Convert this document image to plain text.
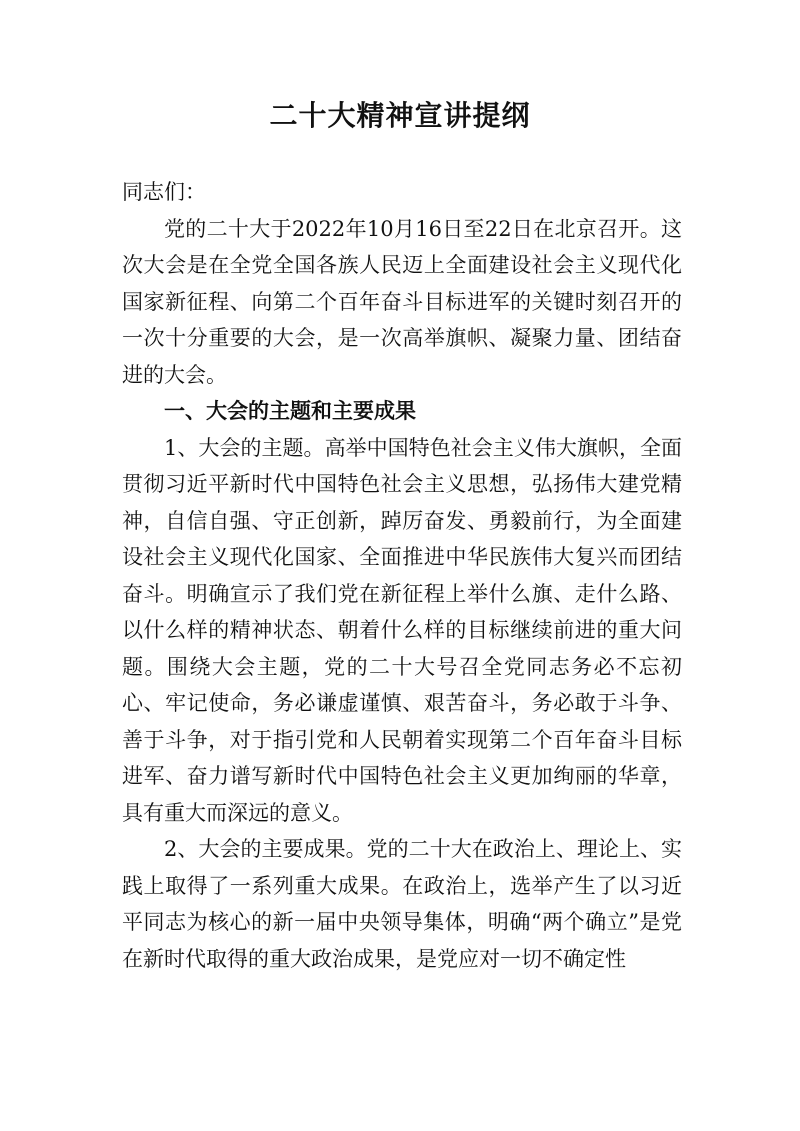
二十大精神宣讲提纲

同志们：

党的二十大于2022年10月16日至22日在北京召开。这次大会是在全党全国各族人民迈上全面建设社会主义现代化国家新征程、向第二个百年奋斗目标进军的关键时刻召开的一次十分重要的大会，是一次高举旗帜、凝聚力量、团结奋进的大会。

一、大会的主题和主要成果

1、大会的主题。高举中国特色社会主义伟大旗帜，全面贯彻习近平新时代中国特色社会主义思想，弘扬伟大建党精神，自信自强、守正创新，踔厉奋发、勇毅前行，为全面建设社会主义现代化国家、全面推进中华民族伟大复兴而团结奋斗。明确宣示了我们党在新征程上举什么旗、走什么路、以什么样的精神状态、朝着什么样的目标继续前进的重大问题。围绕大会主题，党的二十大号召全党同志务必不忘初心、牢记使命，务必谦虚谨慎、艰苦奋斗，务必敢于斗争、善于斗争，对于指引党和人民朝着实现第二个百年奋斗目标进军、奋力谱写新时代中国特色社会主义更加绚丽的华章，具有重大而深远的意义。

2、大会的主要成果。党的二十大在政治上、理论上、实践上取得了一系列重大成果。在政治上，选举产生了以习近平同志为核心的新一届中央领导集体，明确“两个确立”是党在新时代取得的重大政治成果，是党应对一切不确定性
